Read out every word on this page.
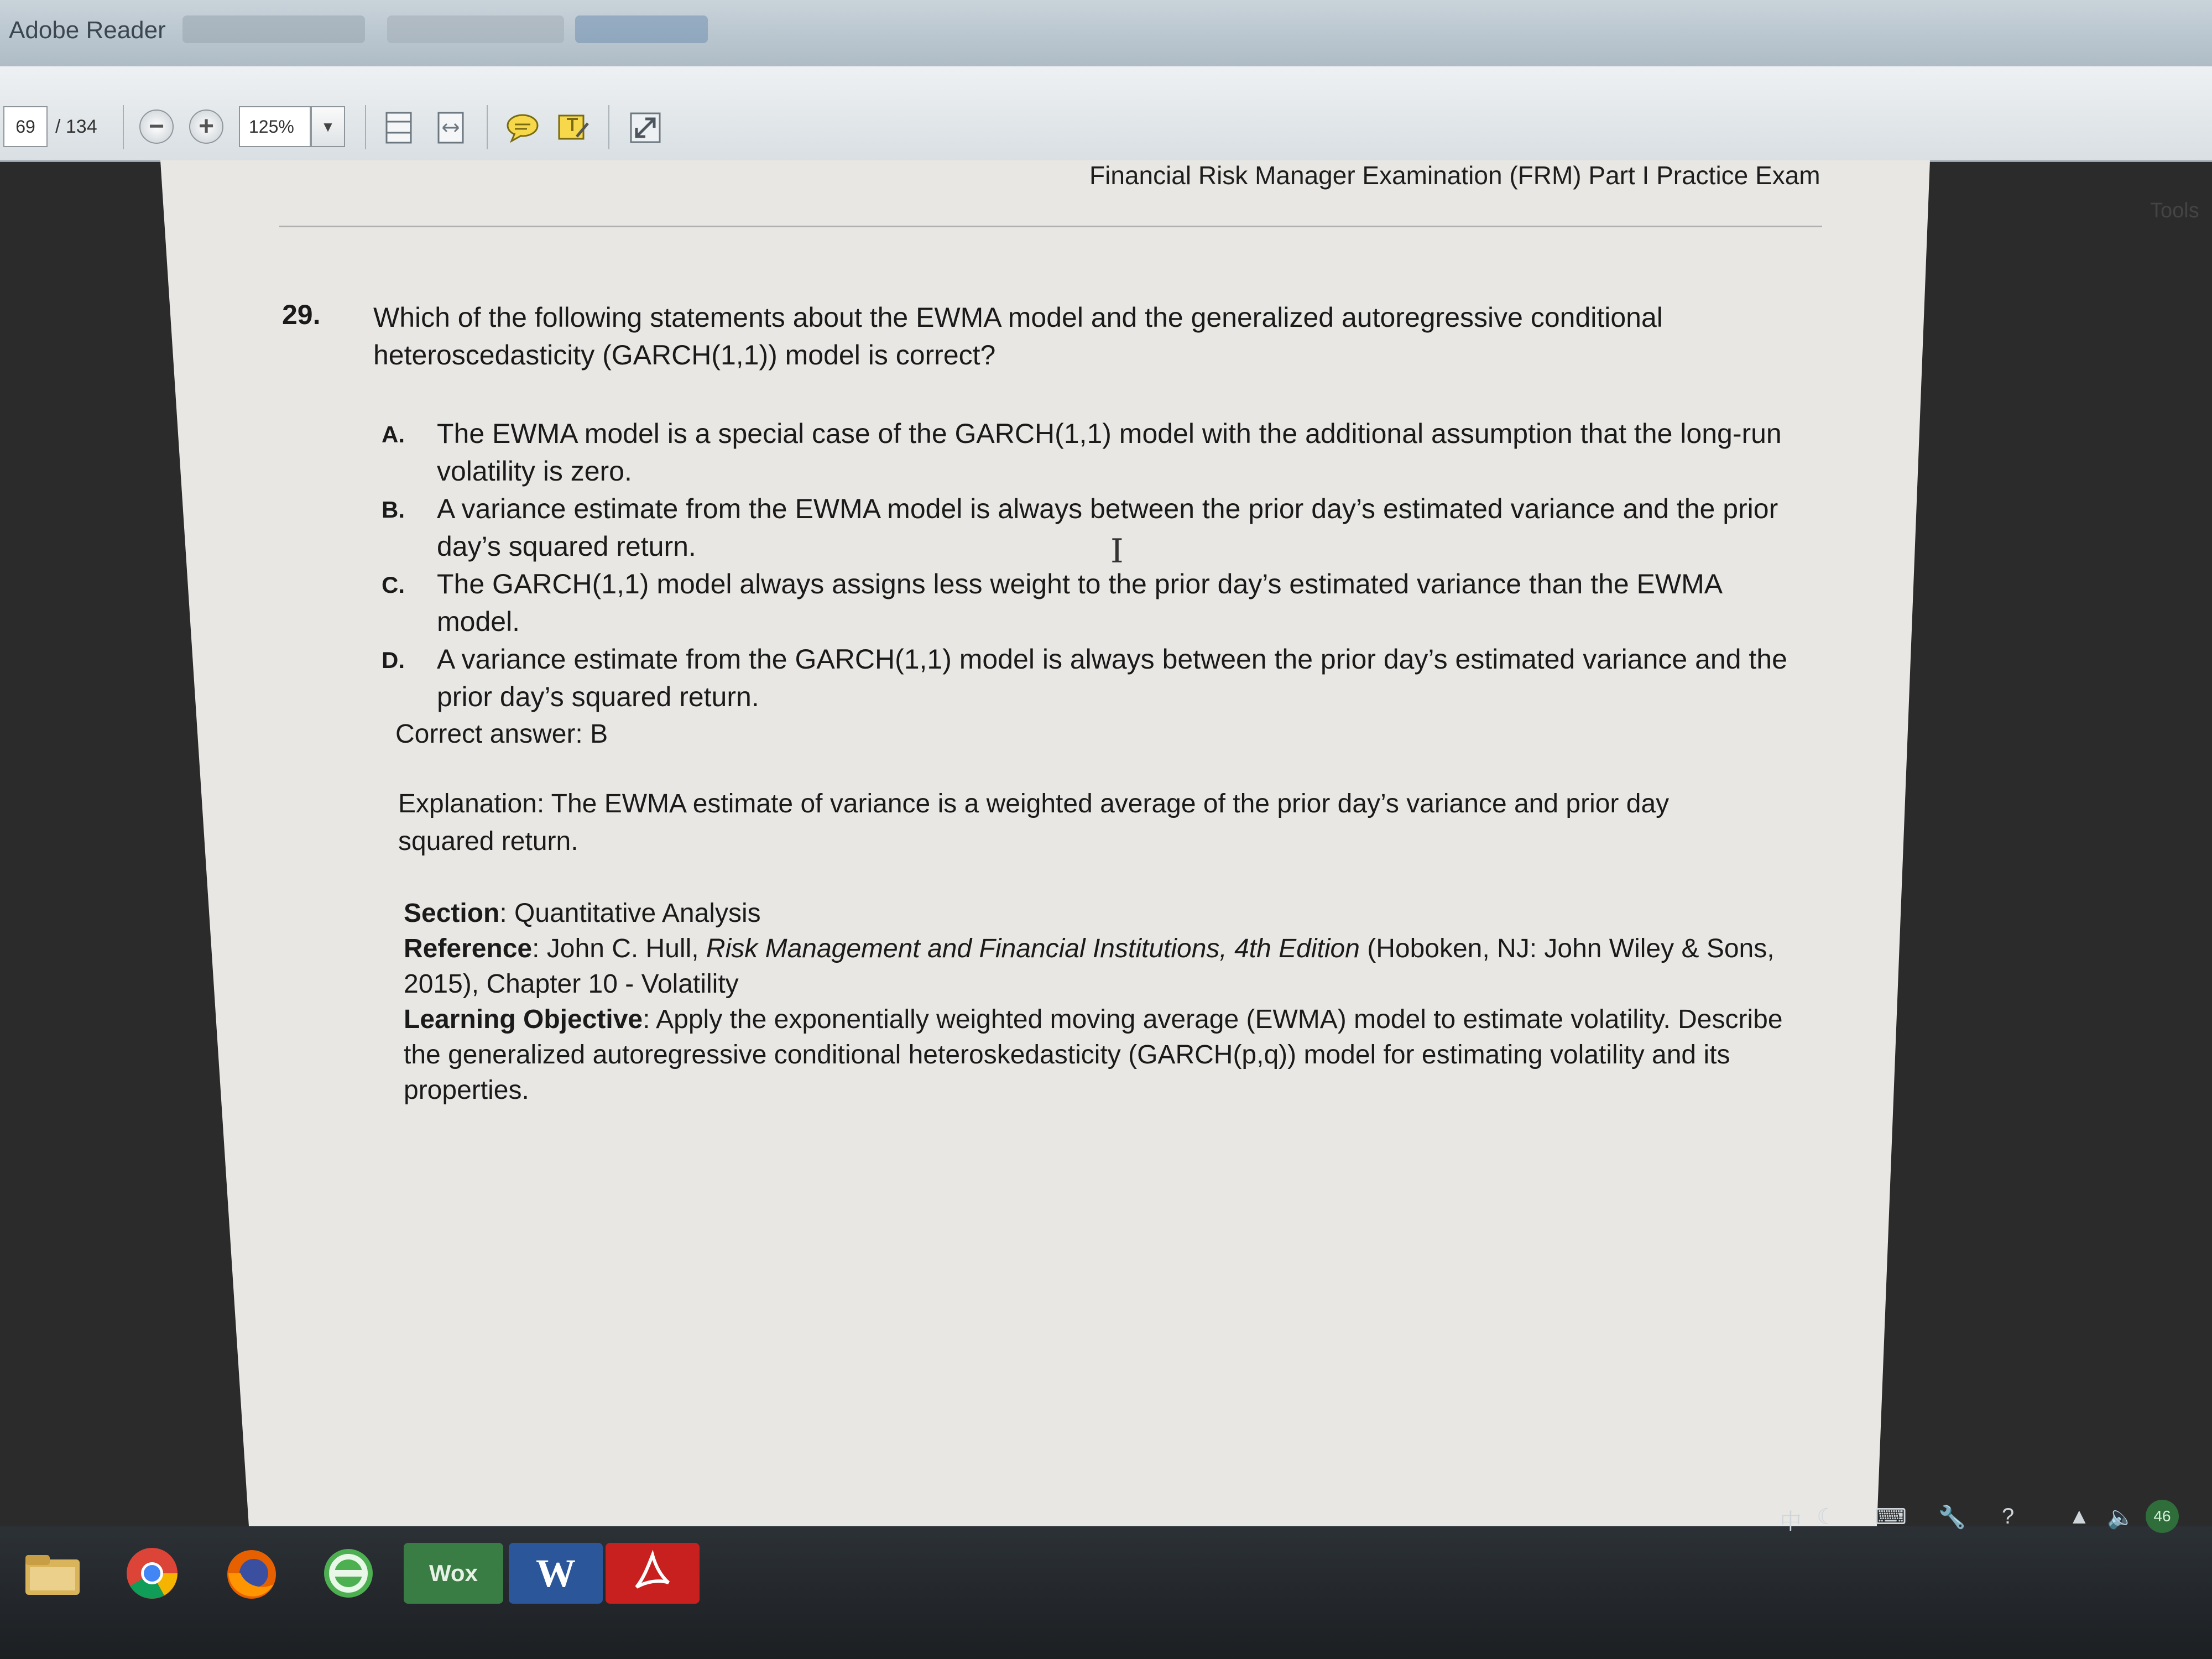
Adobe Reader
69	/ 134 − +	125%	▼
Tools
Financial Risk Manager Examination (FRM) Part I Practice Exam
29. Which of the following statements about the EWMA model and the generalized autoregressive conditional heteroscedasticity (GARCH(1,1)) model is correct?
A. The EWMA model is a special case of the GARCH(1,1) model with the additional assumption that the long-run volatility is zero.
B. A variance estimate from the EWMA model is always between the prior day’s estimated variance and the prior day’s squared return.
C. The GARCH(1,1) model always assigns less weight to the prior day’s estimated variance than the EWMA model.
D. A variance estimate from the GARCH(1,1) model is always between the prior day’s estimated variance and the prior day’s squared return.
Correct answer: B
Explanation: The EWMA estimate of variance is a weighted average of the prior day’s variance and prior day squared return.
Section: Quantitative Analysis
Reference: John C. Hull, Risk Management and Financial Institutions, 4th Edition (Hoboken, NJ: John Wiley & Sons, 2015), Chapter 10 - Volatility
Learning Objective: Apply the exponentially weighted moving average (EWMA) model to estimate volatility. Describe the generalized autoregressive conditional heteroskedasticity (GARCH(p,q)) model for estimating volatility and its properties.
I
Wox W
中 ☾ ⌨ 🔧 ? ▲ 🔈	46
